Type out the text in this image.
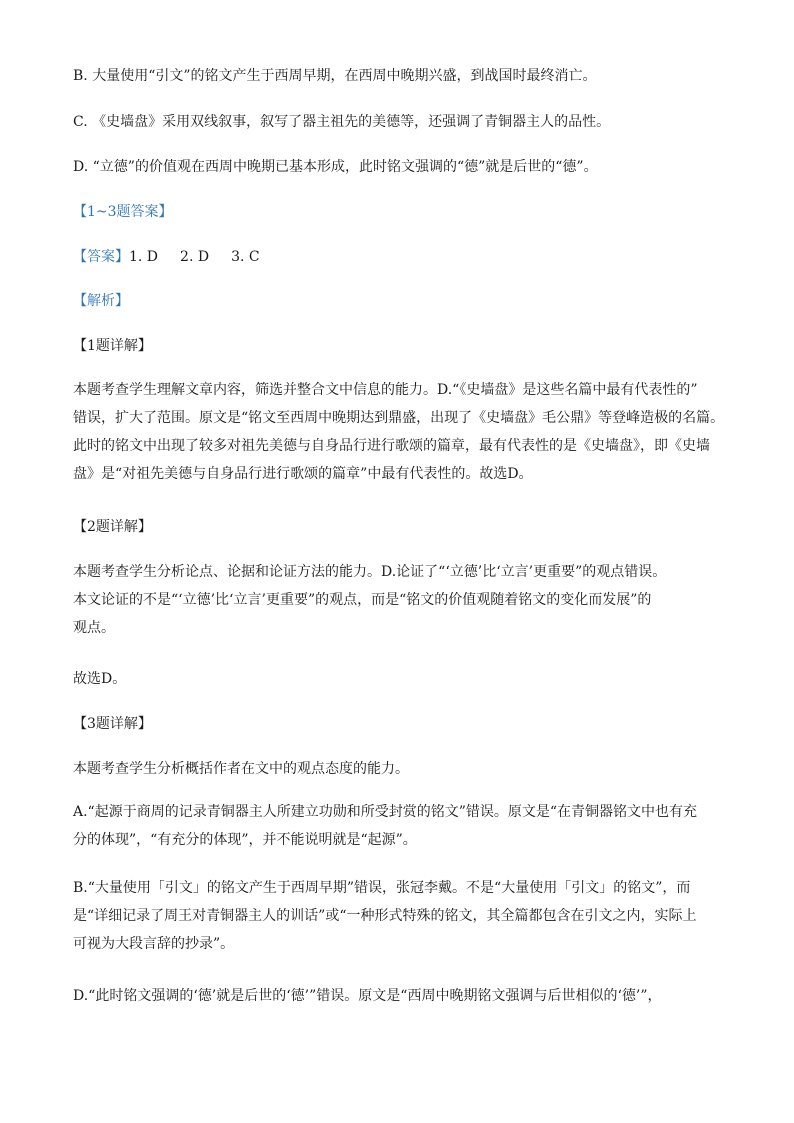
B. 大量使用“引文”的铭文产生于西周早期，在西周中晚期兴盛，到战国时最终消亡。
C. 《史墙盘》采用双线叙事，叙写了器主祖先的美德等，还强调了青铜器主人的品性。
D. “立德”的价值观在西周中晚期已基本形成，此时铭文强调的“德”就是后世的“德”。
【1~3题答案】
【答案】1. D 2. D 3. C
【解析】
【1题详解】
本题考查学生理解文章内容，筛选并整合文中信息的能力。D.“《史墙盘》是这些名篇中最有代表性的”
错误，扩大了范围。原文是“铭文至西周中晚期达到鼎盛，出现了《史墙盘》毛公鼎》等登峰造极的名篇。
此时的铭文中出现了较多对祖先美德与自身品行进行歌颂的篇章，最有代表性的是《史墙盘》，即《史墙
盘》是“对祖先美德与自身品行进行歌颂的篇章”中最有代表性的。故选D。
【2题详解】
本题考查学生分析论点、论据和论证方法的能力。D.论证了“‘立德’比‘立言’更重要”的观点错误。
本文论证的不是“‘立德’比‘立言’更重要”的观点，而是“铭文的价值观随着铭文的变化而发展”的
观点。
故选D。
【3题详解】
本题考查学生分析概括作者在文中的观点态度的能力。
A.“起源于商周的记录青铜器主人所建立功勋和所受封赏的铭文”错误。原文是“在青铜器铭文中也有充
分的体现”，“有充分的体现”，并不能说明就是“起源”。
B.“大量使用「引文」的铭文产生于西周早期”错误，张冠李戴。不是“大量使用「引文」的铭文”，而
是“详细记录了周王对青铜器主人的训话”或“一种形式特殊的铭文，其全篇都包含在引文之内，实际上
可视为大段言辞的抄录”。
D.“此时铭文强调的‘德’就是后世的‘德’”错误。原文是“西周中晚期铭文强调与后世相似的‘德’”，
